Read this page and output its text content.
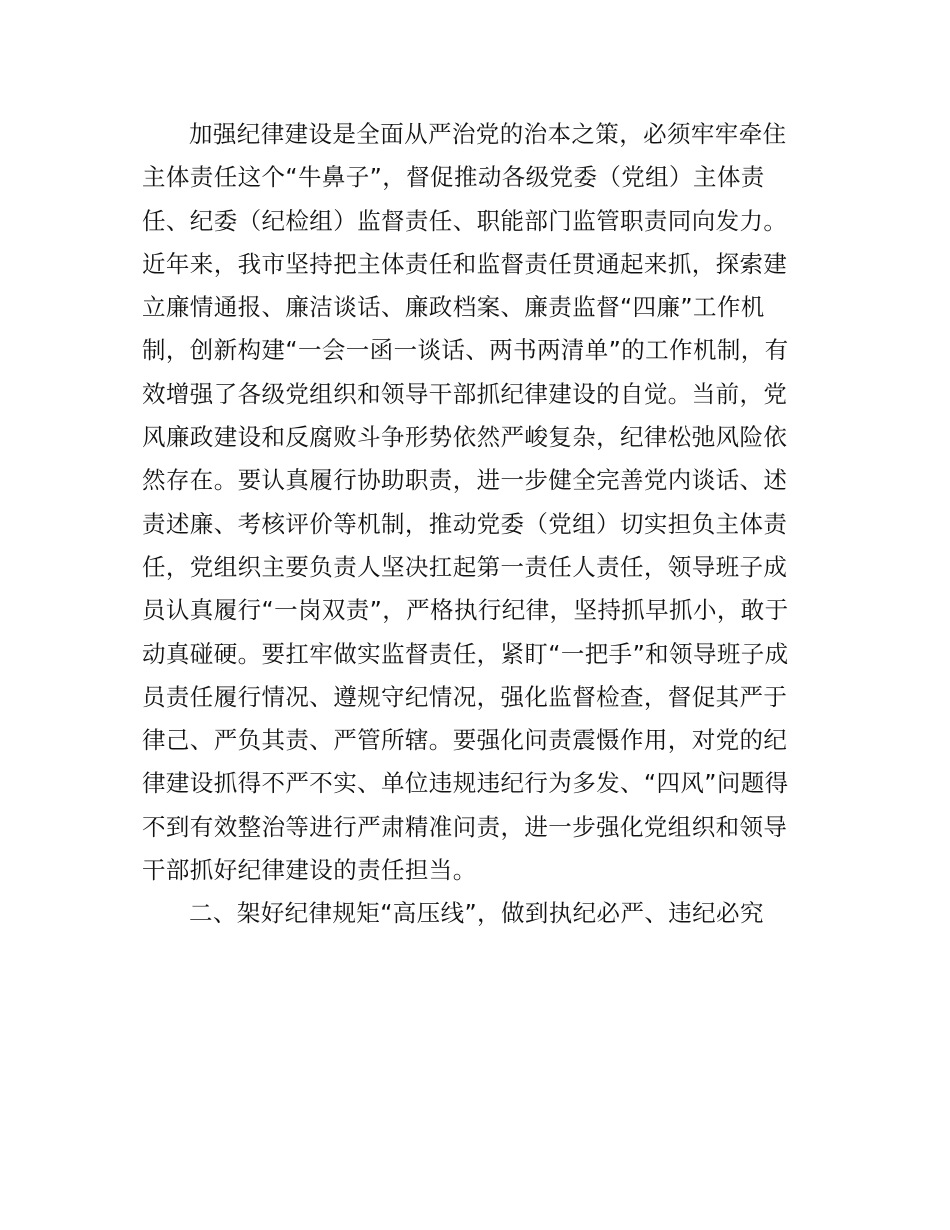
加强纪律建设是全面从严治党的治本之策，必须牢牢牵住
主体责任这个“牛鼻子”，督促推动各级党委（党组）主体责
任、纪委（纪检组）监督责任、职能部门监管职责同向发力。
近年来，我市坚持把主体责任和监督责任贯通起来抓，探索建
立廉情通报、廉洁谈话、廉政档案、廉责监督“四廉”工作机
制，创新构建“一会一函一谈话、两书两清单”的工作机制，有
效增强了各级党组织和领导干部抓纪律建设的自觉。当前，党
风廉政建设和反腐败斗争形势依然严峻复杂，纪律松弛风险依
然存在。要认真履行协助职责，进一步健全完善党内谈话、述
责述廉、考核评价等机制，推动党委（党组）切实担负主体责
任，党组织主要负责人坚决扛起第一责任人责任，领导班子成
员认真履行“一岗双责”，严格执行纪律，坚持抓早抓小，敢于
动真碰硬。要扛牢做实监督责任，紧盯“一把手”和领导班子成
员责任履行情况、遵规守纪情况，强化监督检查，督促其严于
律己、严负其责、严管所辖。要强化问责震慑作用，对党的纪
律建设抓得不严不实、单位违规违纪行为多发、“四风”问题得
不到有效整治等进行严肃精准问责，进一步强化党组织和领导
干部抓好纪律建设的责任担当。
二、架好纪律规矩“高压线”，做到执纪必严、违纪必究
